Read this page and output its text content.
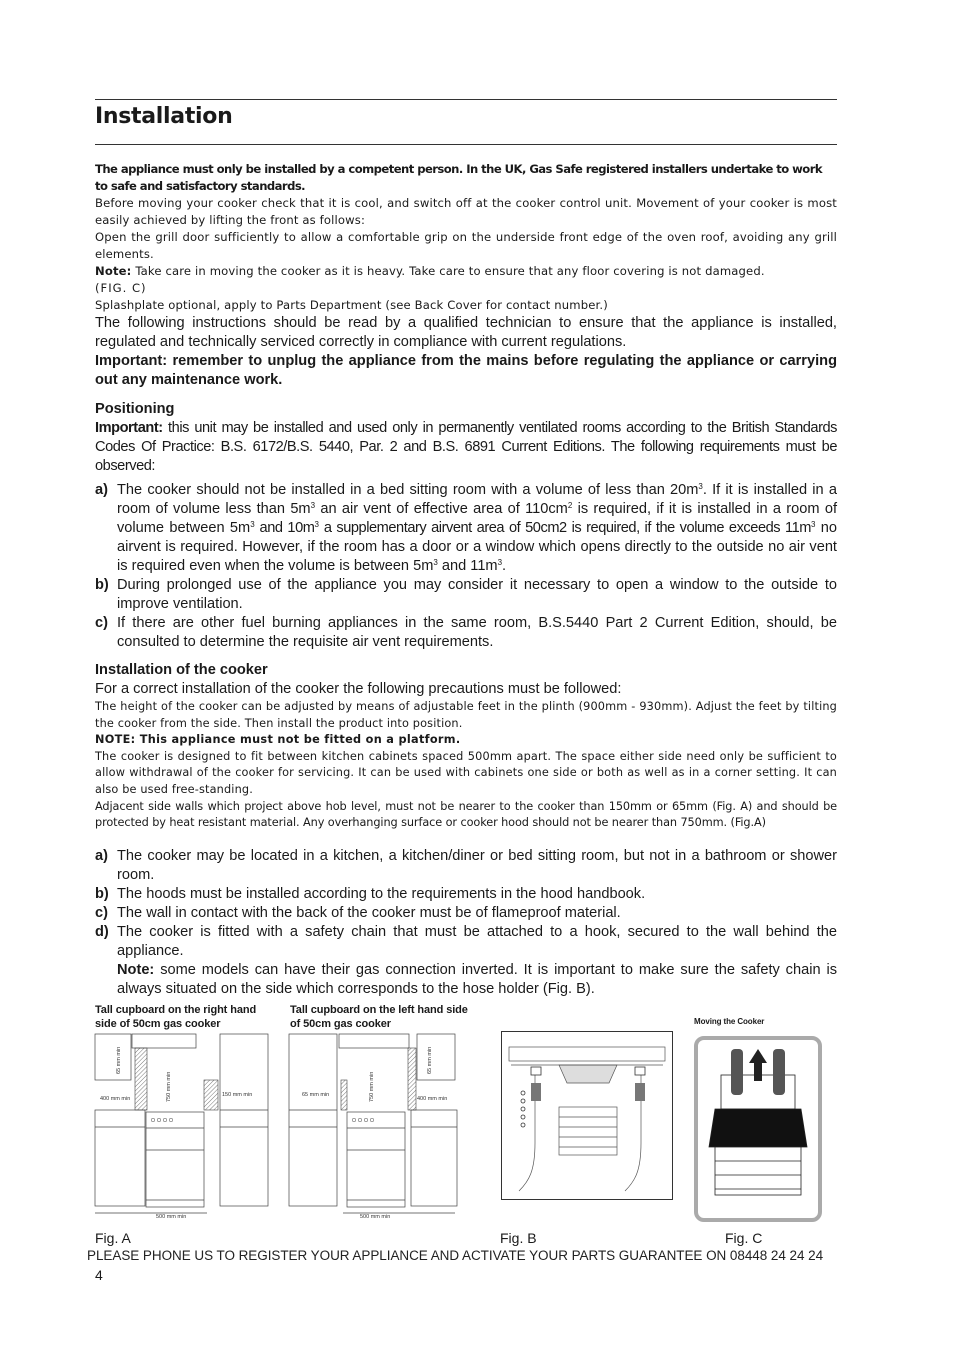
Installation
The appliance must only be installed by a competent person. In the UK, Gas Safe registered installers undertake to work to safe and satisfactory standards.
Before moving your cooker check that it is cool, and switch off at the cooker control unit. Movement of your cooker is most easily achieved by lifting the front as follows:
Open the grill door sufficiently to allow a comfortable grip on the underside front edge of the oven roof, avoiding any grill elements.
Note: Take care in moving the cooker as it is heavy. Take care to ensure that any floor covering is not damaged.
(FIG. C)
Splashplate optional, apply to Parts Department (see Back Cover for contact number.)
The following instructions should be read by a qualified technician to ensure that the appliance is installed, regulated and technically serviced correctly in compliance with current regulations.
Important: remember to unplug the appliance from the mains before regulating the appliance or carrying out any maintenance work.
Positioning
Important: this unit may be installed and used only in permanently ventilated rooms according to the British Standards Codes Of Practice: B.S. 6172/B.S. 5440, Par. 2 and B.S. 6891 Current Editions. The following requirements must be observed:
a) The cooker should not be installed in a bed sitting room with a volume of less than $20m^3$. If it is installed in a room of volume less than $5m^3$ an air vent of effective area of $110cm^2$ is required, if it is installed in a room of volume between $5m^3$ and $10m^3$ a supplementary airvent area of 50cm2 is required, if the volume exceeds $11m^3$ no airvent is required. However, if the room has a door or a window which opens directly to the outside no air vent is required even when the volume is between $5m^3$ and $11m^3$.
b) During prolonged use of the appliance you may consider it necessary to open a window to the outside to improve ventilation.
c) If there are other fuel burning appliances in the same room, B.S.5440 Part 2 Current Edition, should, be consulted to determine the requisite air vent requirements.
Installation of the cooker
For a correct installation of the cooker the following precautions must be followed:
The height of the cooker can be adjusted by means of adjustable feet in the plinth (900mm - 930mm). Adjust the feet by tilting the cooker from the side. Then install the product into position.
NOTE: This appliance must not be fitted on a platform.
The cooker is designed to fit between kitchen cabinets spaced 500mm apart. The space either side need only be sufficient to allow withdrawal of the cooker for servicing. It can be used with cabinets one side or both as well as in a corner setting. It can also be used free-standing.
Adjacent side walls which project above hob level, must not be nearer to the cooker than 150mm or 65mm (Fig. A) and should be protected by heat resistant material. Any overhanging surface or cooker hood should not be nearer than 750mm. (Fig.A)
a) The cooker may be located in a kitchen, a kitchen/diner or bed sitting room, but not in a bathroom or shower room.
b) The hoods must be installed according to the requirements in the hood handbook.
c) The wall in contact with the back of the cooker must be of flameproof material.
d) The cooker is fitted with a safety chain that must be attached to a hook, secured to the wall behind the appliance.
Note: some models can have their gas connection inverted. It is important to make sure the safety chain is always situated on the side which corresponds to the hose holder (Fig. B).
Tall cupboard on the right hand side of 50cm gas cooker
Tall cupboard on the left hand side of 50cm gas cooker	Moving the Cooker
65 mm min
750 mm min
400 mm min
150 mm min
500 mm min
65 mm min
750 mm min
65 mm min
400 mm min
500 mm min
Fig. A	Fig. B	Fig. C
PLEASE PHONE US TO REGISTER YOUR APPLIANCE AND ACTIVATE YOUR PARTS GUARANTEE ON 08448 24 24 24
4
